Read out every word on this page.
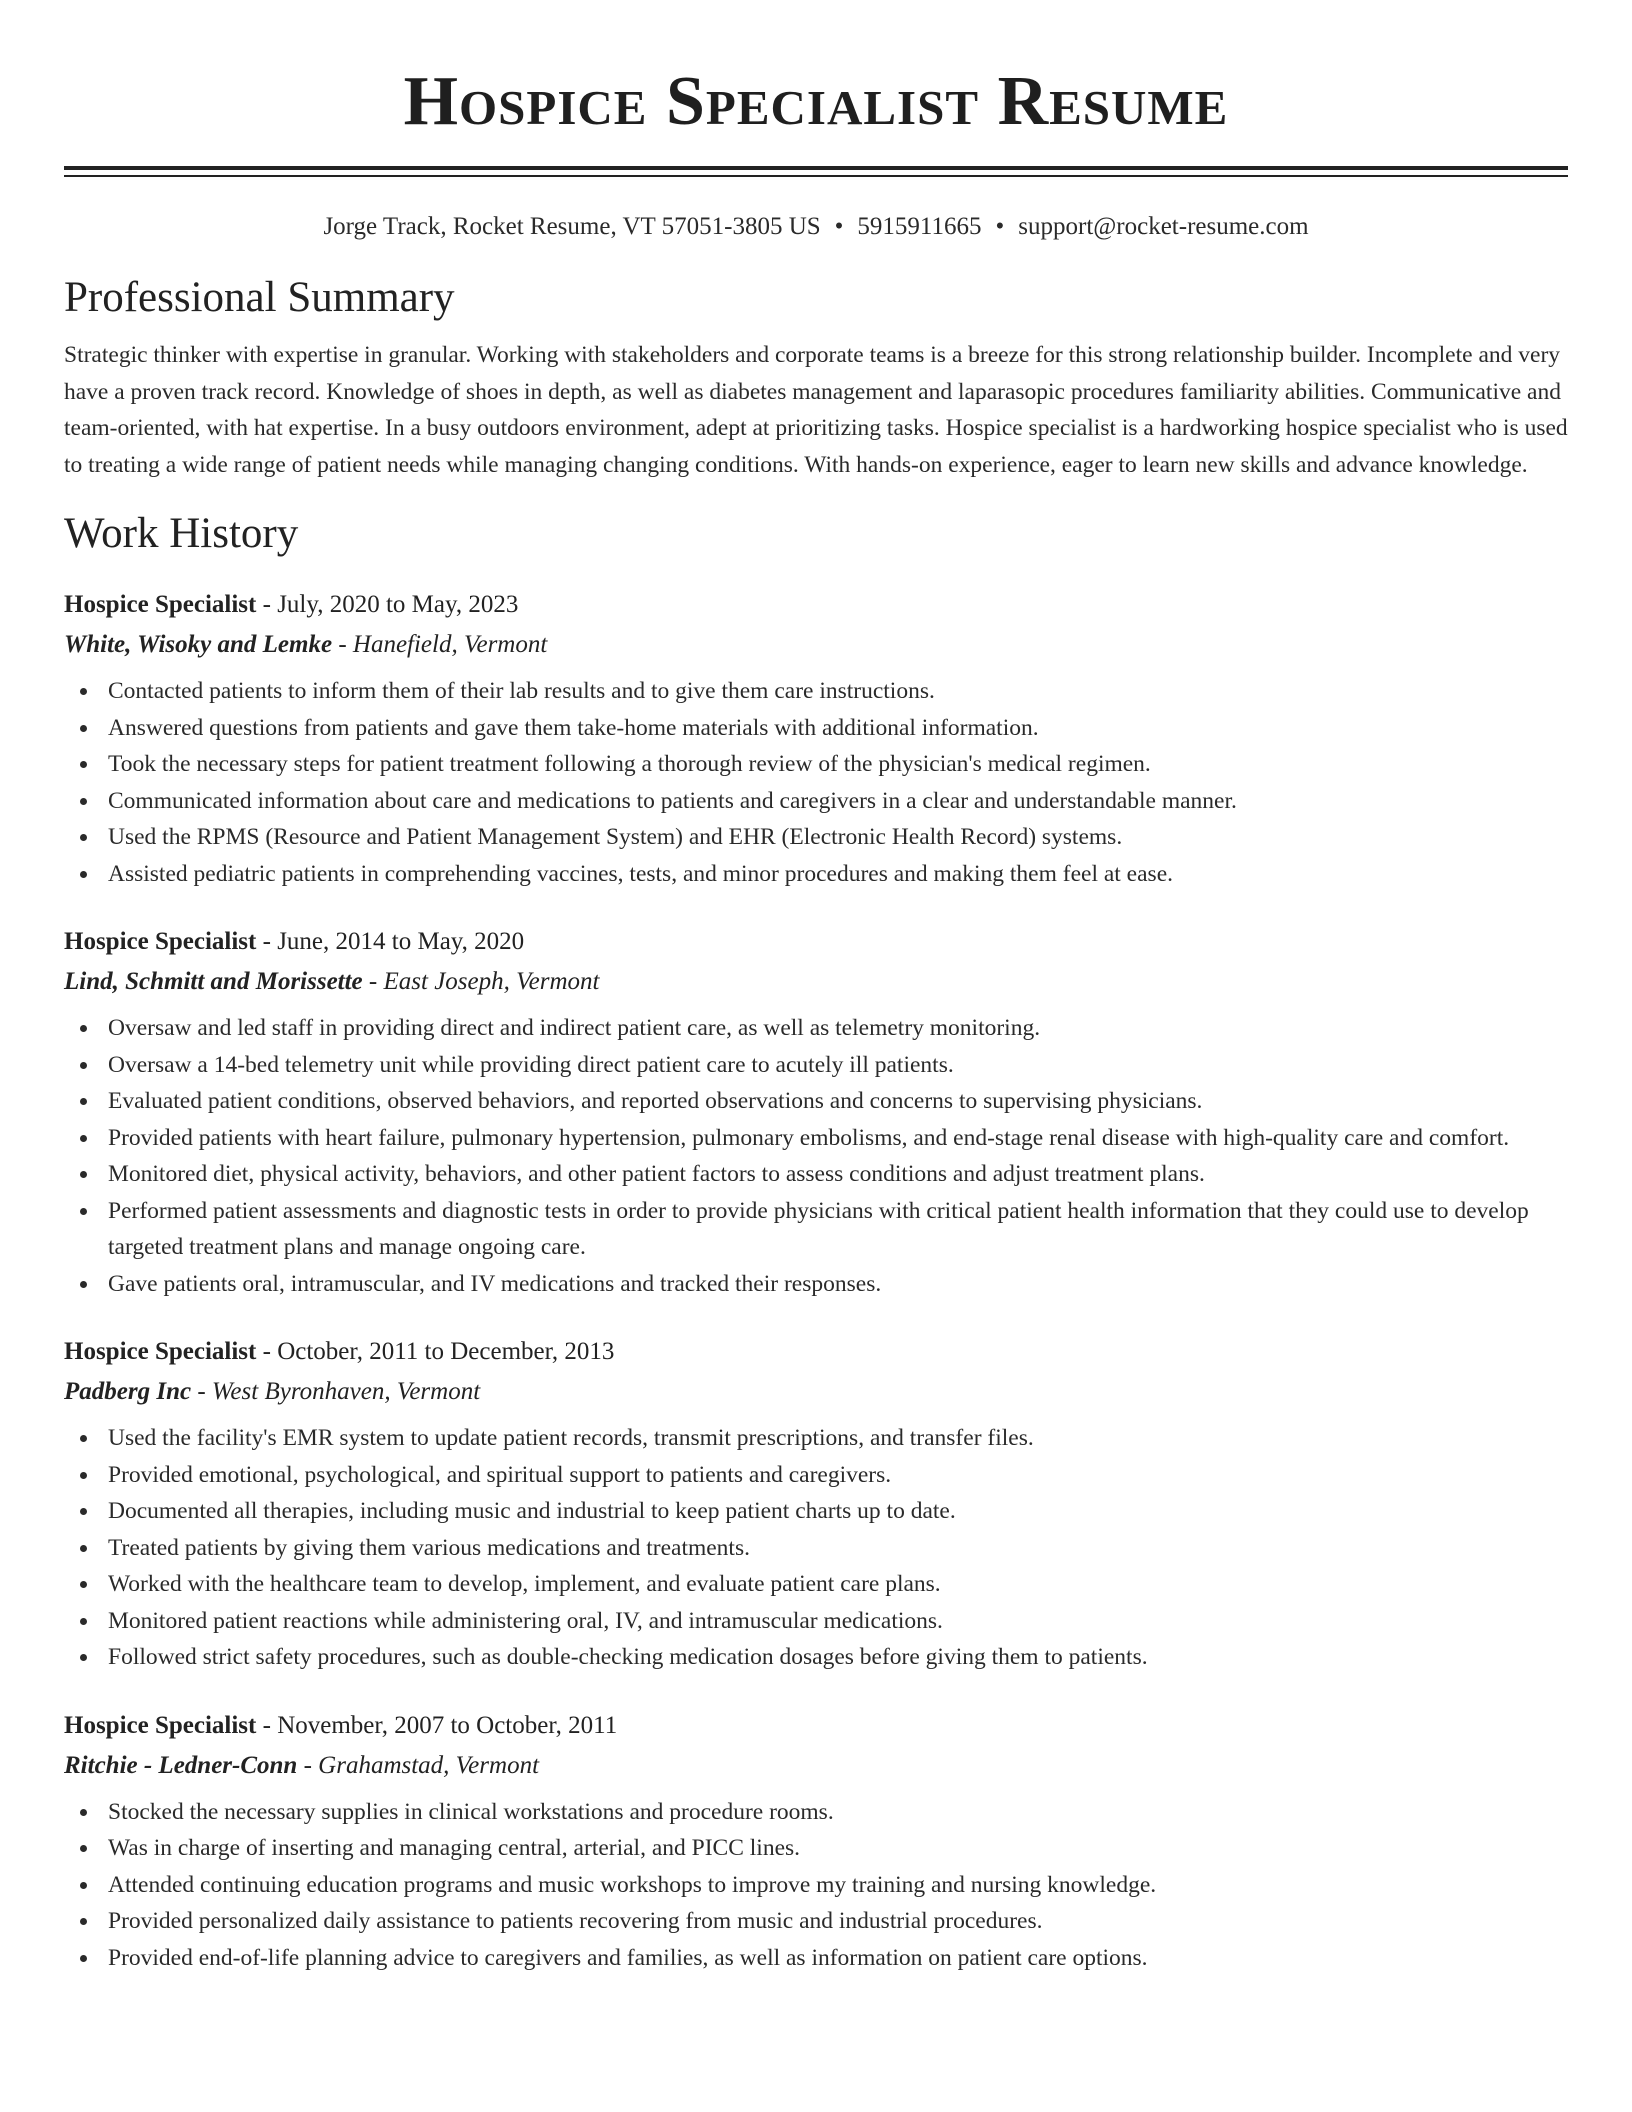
Hospice Specialist Resume
Jorge Track, Rocket Resume, VT 57051-3805 US • 5915911665 • support@rocket-resume.com
Professional Summary

Strategic thinker with expertise in granular. Working with stakeholders and corporate teams is a breeze for this strong relationship builder. Incomplete and very have a proven track record. Knowledge of shoes in depth, as well as diabetes management and laparasopic procedures familiarity abilities. Communicative and team-oriented, with hat expertise. In a busy outdoors environment, adept at prioritizing tasks. Hospice specialist is a hardworking hospice specialist who is used to treating a wide range of patient needs while managing changing conditions. With hands-on experience, eager to learn new skills and advance knowledge.

Work History
Hospice Specialist - July, 2020 to May, 2023
White, Wisoky and Lemke - Hanefield, Vermont
Contacted patients to inform them of their lab results and to give them care instructions.
Answered questions from patients and gave them take-home materials with additional information.
Took the necessary steps for patient treatment following a thorough review of the physician's medical regimen.
Communicated information about care and medications to patients and caregivers in a clear and understandable manner.
Used the RPMS (Resource and Patient Management System) and EHR (Electronic Health Record) systems.
Assisted pediatric patients in comprehending vaccines, tests, and minor procedures and making them feel at ease.
Hospice Specialist - June, 2014 to May, 2020
Lind, Schmitt and Morissette - East Joseph, Vermont
Oversaw and led staff in providing direct and indirect patient care, as well as telemetry monitoring.
Oversaw a 14-bed telemetry unit while providing direct patient care to acutely ill patients.
Evaluated patient conditions, observed behaviors, and reported observations and concerns to supervising physicians.
Provided patients with heart failure, pulmonary hypertension, pulmonary embolisms, and end-stage renal disease with high-quality care and comfort.
Monitored diet, physical activity, behaviors, and other patient factors to assess conditions and adjust treatment plans.
Performed patient assessments and diagnostic tests in order to provide physicians with critical patient health information that they could use to develop targeted treatment plans and manage ongoing care.
Gave patients oral, intramuscular, and IV medications and tracked their responses.
Hospice Specialist - October, 2011 to December, 2013
Padberg Inc - West Byronhaven, Vermont
Used the facility's EMR system to update patient records, transmit prescriptions, and transfer files.
Provided emotional, psychological, and spiritual support to patients and caregivers.
Documented all therapies, including music and industrial to keep patient charts up to date.
Treated patients by giving them various medications and treatments.
Worked with the healthcare team to develop, implement, and evaluate patient care plans.
Monitored patient reactions while administering oral, IV, and intramuscular medications.
Followed strict safety procedures, such as double-checking medication dosages before giving them to patients.
Hospice Specialist - November, 2007 to October, 2011
Ritchie - Ledner-Conn - Grahamstad, Vermont
Stocked the necessary supplies in clinical workstations and procedure rooms.
Was in charge of inserting and managing central, arterial, and PICC lines.
Attended continuing education programs and music workshops to improve my training and nursing knowledge.
Provided personalized daily assistance to patients recovering from music and industrial procedures.
Provided end-of-life planning advice to caregivers and families, as well as information on patient care options.
